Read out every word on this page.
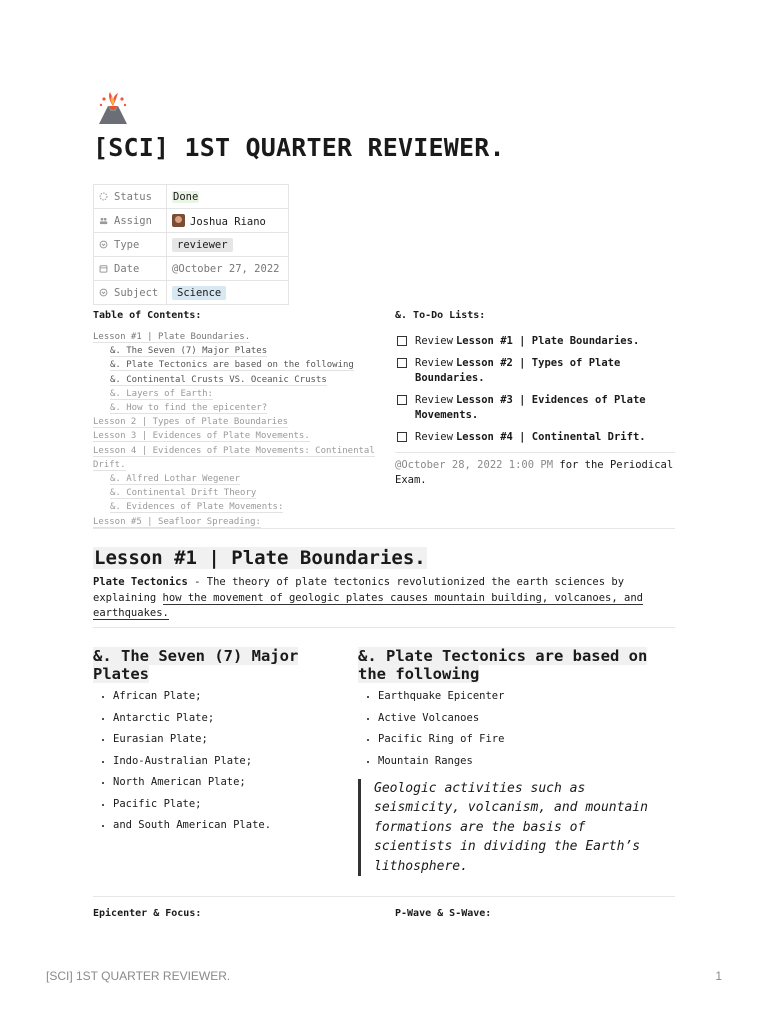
[SCI] 1ST QUARTER REVIEWER.
Status	Done
Assign	Joshua Riano
Type	reviewer
Date	@October 27, 2022
Subject	Science
Table of Contents:
Lesson #1 | Plate Boundaries.
&. The Seven (7) Major Plates
&. Plate Tectonics are based on the following
&. Continental Crusts VS. Oceanic Crusts
&. Layers of Earth:
&. How to find the epicenter?
Lesson 2 | Types of Plate Boundaries
Lesson 3 | Evidences of Plate Movements.
Lesson 4 | Evidences of Plate Movements: Continental Drift.
&. Alfred Lothar Wegener
&. Continental Drift Theory
&. Evidences of Plate Movements:
Lesson #5 | Seafloor Spreading:
&. To-Do Lists:
Review Lesson #1 | Plate Boundaries.
Review Lesson #2 | Types of Plate Boundaries.
Review Lesson #3 | Evidences of Plate Movements.
Review Lesson #4 | Continental Drift.
@October 28, 2022 1:00 PM for the Periodical Exam.
Lesson #1 | Plate Boundaries.
Plate Tectonics - The theory of plate tectonics revolutionized the earth sciences by explaining how the movement of geologic plates causes mountain building, volcanoes, and earthquakes.
&. The Seven (7) Major Plates
• African Plate;
• Antarctic Plate;
• Eurasian Plate;
• Indo-Australian Plate;
• North American Plate;
• Pacific Plate;
• and South American Plate.
&. Plate Tectonics are based on the following
• Earthquake Epicenter
• Active Volcanoes
• Pacific Ring of Fire
• Mountain Ranges
Geologic activities such as seismicity, volcanism, and mountain formations are the basis of scientists in dividing the Earth’s lithosphere.
Epicenter & Focus:	P-Wave & S-Wave:
[SCI] 1ST QUARTER REVIEWER.	1
